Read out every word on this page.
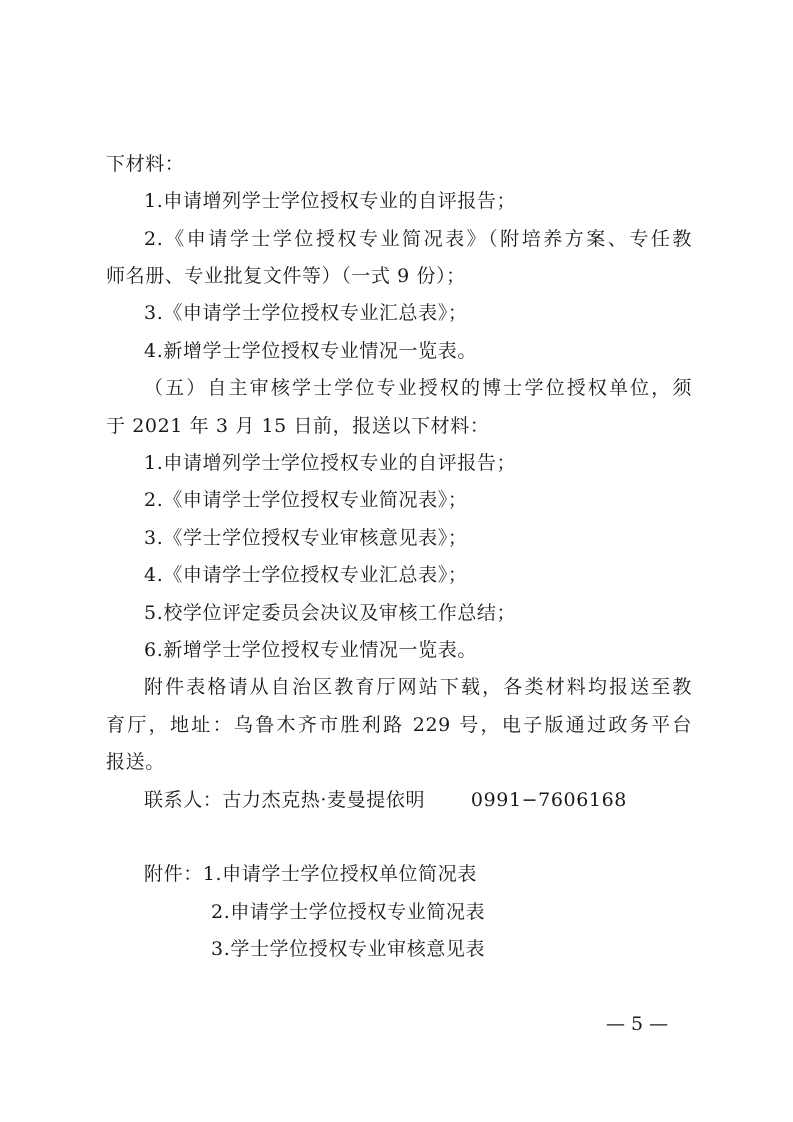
下材料：
1.申请增列学士学位授权专业的自评报告；
2.《申请学士学位授权专业简况表》（附培养方案、专任教
师名册、专业批复文件等）（一式 9 份）；
3.《申请学士学位授权专业汇总表》；
4.新增学士学位授权专业情况一览表。
（五）自主审核学士学位专业授权的博士学位授权单位，须
于 2021 年 3 月 15 日前，报送以下材料：
1.申请增列学士学位授权专业的自评报告；
2.《申请学士学位授权专业简况表》；
3.《学士学位授权专业审核意见表》；
4.《申请学士学位授权专业汇总表》；
5.校学位评定委员会决议及审核工作总结；
6.新增学士学位授权专业情况一览表。
附件表格请从自治区教育厅网站下载，各类材料均报送至教
育厅，地址：乌鲁木齐市胜利路 229 号，电子版通过政务平台
报送。
联系人：古力杰克热·麦曼提依明　 　0991−7606168
附件：1.申请学士学位授权单位简况表
2.申请学士学位授权专业简况表
3.学士学位授权专业审核意见表
— 5 —
